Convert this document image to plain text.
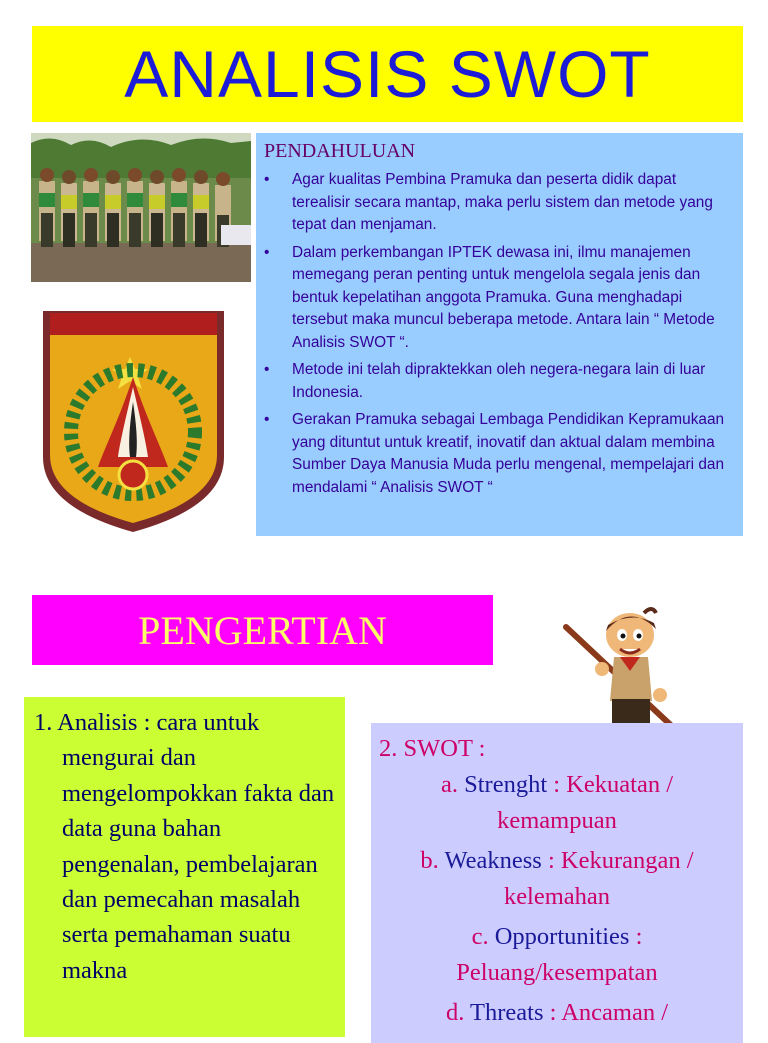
ANALISIS SWOT
PENDAHULUAN
• Agar kualitas Pembina Pramuka dan peserta didik dapat terealisir secara mantap, maka perlu sistem dan metode yang tepat dan menjaman.
• Dalam perkembangan IPTEK dewasa ini, ilmu manajemen memegang peran penting untuk mengelola segala jenis dan bentuk kepelatihan anggota Pramuka. Guna menghadapi tersebut maka muncul beberapa metode. Antara lain “ Metode Analisis SWOT “.
• Metode ini telah dipraktekkan oleh negera-negara lain di luar Indonesia.
• Gerakan Pramuka sebagai Lembaga Pendidikan Kepramukaan yang dituntut untuk kreatif, inovatif dan aktual dalam membina Sumber Daya Manusia Muda perlu mengenal, mempelajari dan mendalami “ Analisis SWOT “
PENGERTIAN

1. Analisis : cara untuk mengurai dan mengelompokkan fakta dan data guna bahan pengenalan, pembelajaran dan pemecahan masalah serta pemahaman suatu makna

2. SWOT :
a. Strenght : Kekuatan / kemampuan
b. Weakness : Kekurangan / kelemahan
c. Opportunities : Peluang/kesempatan
d. Threats : Ancaman /
